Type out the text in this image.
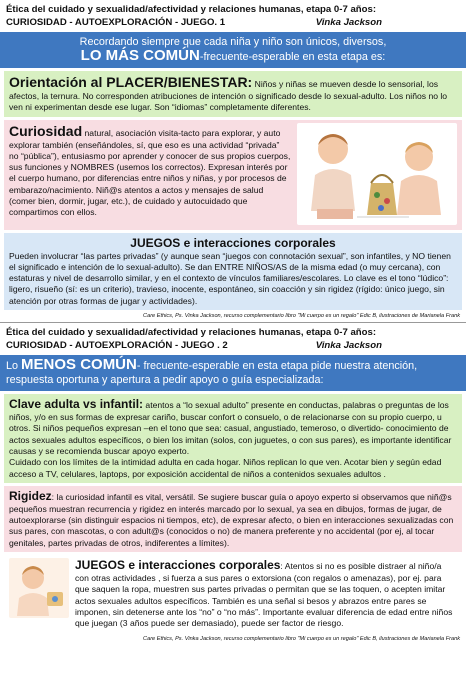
Ética del cuidado y sexualidad/afectividad y relaciones humanas, etapa 0-7 años:
CURIOSIDAD - AUTOEXPLORACIÓN - JUEGO. 1	Vinka Jackson
Recordando siempre que cada niña y niño son únicos, diversos,
LO MÁS COMÚN-frecuente-esperable en esta etapa es:
Orientación al PLACER/BIENESTAR: Niños y niñas se mueven desde lo sensorial, los afectos, la ternura. No corresponden atribuciones de intención o significado desde lo sexual-adulto. Los niños no lo ven ni experimentan desde ese lugar. Son “idiomas” completamente diferentes.
Curiosidad natural, asociación visita-tacto para explorar, y auto explorar también (enseñándoles, sí, que eso es una actividad “privada” no “pública”), entusiasmo por aprender y conocer de sus propios cuerpos, sus funciones y NOMBRES (usemos los correctos). Expresan interés por el cuerpo humano, por diferencias entre niños y niñas, y por procesos de embarazo/nacimiento. Niñ@s atentos a actos y mensajes de salud (comer bien, dormir, jugar, etc.), de cuidado y autocuidado que compartimos con ellos.
JUEGOS e interacciones corporales
Pueden involucrar “las partes privadas” (y aunque sean “juegos con connotación sexual”, son infantiles, y NO tienen el significado e intención de lo sexual-adulto). Se dan ENTRE NIÑOS/AS de la misma edad (o muy cercana), con estaturas y nivel de desarrollo similar, y en el contexto de vínculos familiares/escolares. Lo clave es el tono “lúdico”: ligero, risueño (sí: es un criterio), travieso, inocente, espontáneo, sin coacción y sin rigidez (rígido: único juego, sin atención por otras formas de jugar y actividades).
Care Ethics, Ps. Vinka Jackson, recurso complementario libro "Mi cuerpo es un regalo" Edic B, ilustraciones de Marianela Frank
Ética del cuidado y sexualidad/afectividad y relaciones humanas, etapa 0-7 años:
CURIOSIDAD - AUTOEXPLORACIÓN - JUEGO . 2	Vinka Jackson
Lo MENOS COMÚN- frecuente-esperable en esta etapa pide nuestra atención, respuesta oportuna y apertura a pedir apoyo o guía especializada:
Clave adulta vs infantil: atentos a “lo sexual adulto” presente en conductas, palabras o preguntas de los niños, y/o en sus formas de expresar cariño, buscar confort o consuelo, o de relacionarse con su propio cuerpo, u otros. Si niños pequeños expresan –en el tono que sea: casual, angustiado, temeroso, o divertido- conocimiento de actos sexuales adultos específicos, o bien los imitan (solos, con juguetes, o con sus pares), es importante identificar causas y se recomienda buscar apoyo experto.
Cuidado con los límites de la intimidad adulta en cada hogar. Niños replican lo que ven. Acotar bien y según edad acceso a TV, celulares, laptops, por exposición accidental de niños a contenidos sexuales adultos .
Rigidez: la curiosidad infantil es vital, versátil. Se sugiere buscar guía o apoyo experto si observamos que niñ@s pequeños muestran recurrencia y rigidez en interés marcado por lo sexual, ya sea en dibujos, formas de jugar, de autoexplorarse (sin distinguir espacios ni tiempos, etc), de expresar afecto, o bien en interacciones sexualizadas con sus pares, con mascotas, o con adult@s (conocidos o no) de manera preferente y no accidental (por ej, al tocar genitales, partes privadas de otros, indiferentes a límites).
JUEGOS e interacciones corporales: Atentos si no es posible distraer al niño/a con otras actividades , si fuerza a sus pares o extorsiona (con regalos o amenazas), por ej. para que saquen la ropa, muestren sus partes privadas o permitan que se las toquen, o acepten imitar actos sexuales adultos específicos. También es una señal si besos y abrazos entre pares se imponen, sin detenerse ante los “no” o “no más”. Importante evaluar diferencia de edad entre niños que juegan (3 años puede ser demasiado), puede ser factor de riesgo.
Care Ethics, Ps. Vinka Jackson, recurso complementario libro "Mi cuerpo es un regalo" Edic B, ilustraciones de Marianela Frank
